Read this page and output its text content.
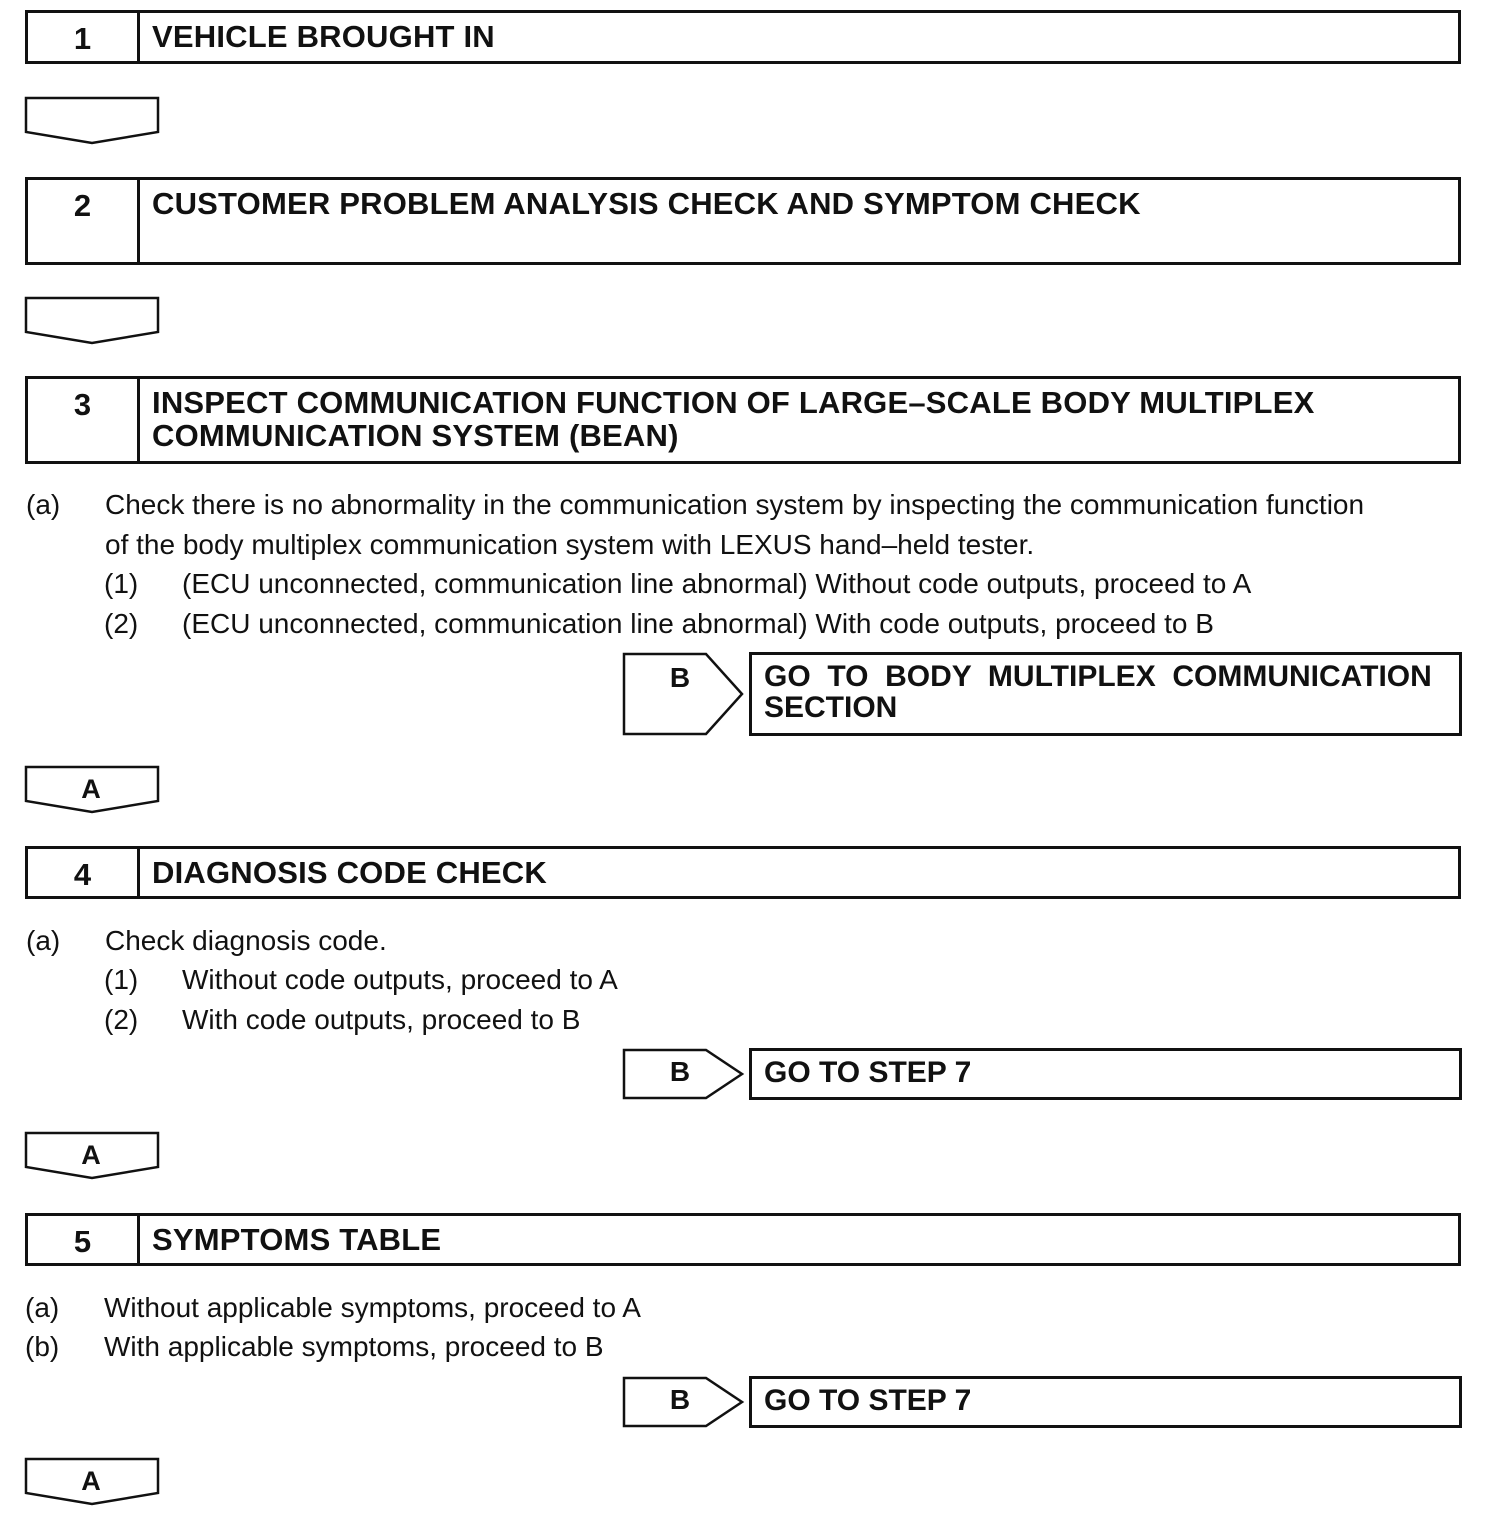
1	VEHICLE BROUGHT IN
2	CUSTOMER PROBLEM ANALYSIS CHECK AND SYMPTOM CHECK
3	INSPECT COMMUNICATION FUNCTION OF LARGE–SCALE BODY MULTIPLEX
COMMUNICATION SYSTEM (BEAN)
(a) Check there is no abnormality in the communication system by inspecting the communication function
of the body multiplex communication system with LEXUS hand–held tester.
(1) (ECU unconnected, communication line abnormal) Without code outputs, proceed to A
(2) (ECU unconnected, communication line abnormal) With code outputs, proceed to B
B	GO  TO  BODY  MULTIPLEX  COMMUNICATION
SECTION
A
4	DIAGNOSIS CODE CHECK
(a) Check diagnosis code.
(1) Without code outputs, proceed to A
(2) With code outputs, proceed to B
B	GO TO STEP 7
A
5	SYMPTOMS TABLE
(a) Without applicable symptoms, proceed to A
(b) With applicable symptoms, proceed to B
B	GO TO STEP 7
A
